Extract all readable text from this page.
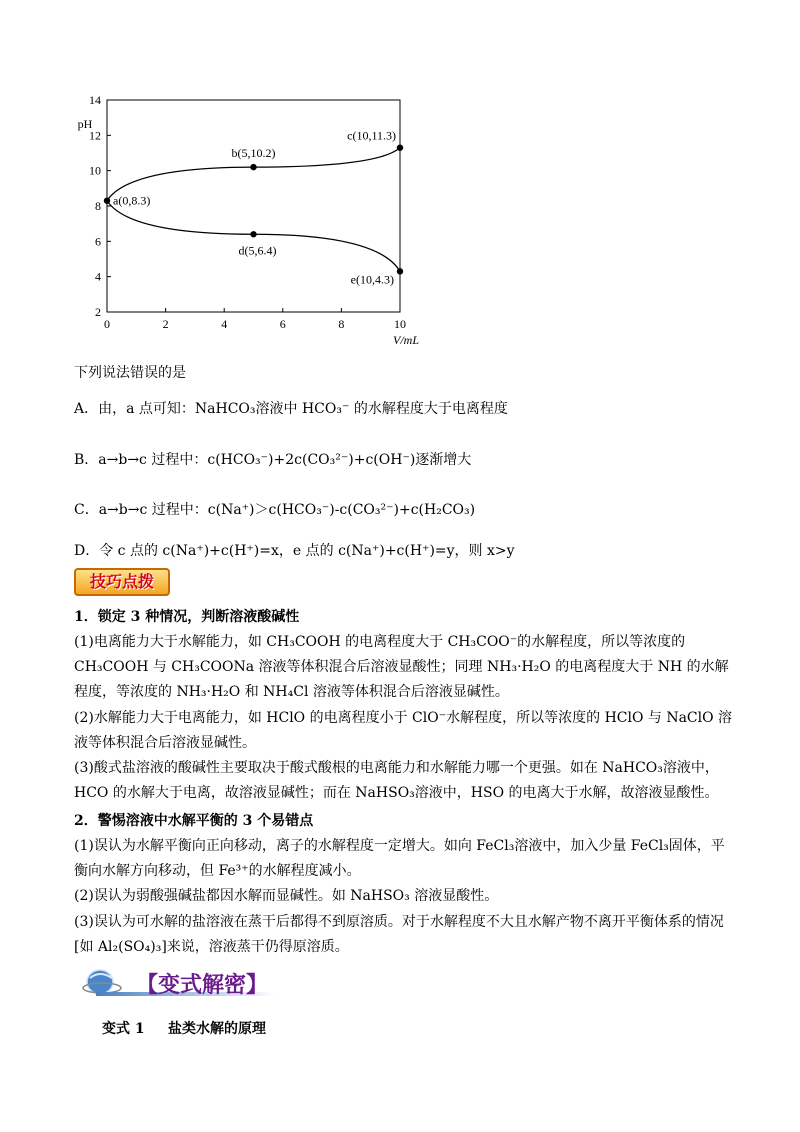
0	2	4	6	8	10
2
4
6
8
10
12
14
pH
V/mL
a(0,8.3)
b(5,10.2)
c(10,11.3)
d(5,6.4)
e(10,4.3)
下列说法错误的是
A．由，a 点可知：NaHCO₃溶液中 HCO₃⁻ 的水解程度大于电离程度
B．a→b→c 过程中：c(HCO₃⁻)+2c(CO₃²⁻)+c(OH⁻)逐渐增大
C．a→b→c 过程中：c(Na⁺)＞c(HCO₃⁻)-c(CO₃²⁻)+c(H₂CO₃)
D．令 c 点的 c(Na⁺)+c(H⁺)=x，e 点的 c(Na⁺)+c(H⁺)=y，则 x>y
技巧点拨
1．锁定 3 种情况，判断溶液酸碱性
(1)电离能力大于水解能力，如 CH₃COOH 的电离程度大于 CH₃COO⁻的水解程度，所以等浓度的 CH₃COOH 与 CH₃COONa 溶液等体积混合后溶液显酸性；同理 NH₃·H₂O 的电离程度大于 NH 的水解程度，等浓度的 NH₃·H₂O 和 NH₄Cl 溶液等体积混合后溶液显碱性。
(2)水解能力大于电离能力，如 HClO 的电离程度小于 ClO⁻水解程度，所以等浓度的 HClO 与 NaClO 溶液等体积混合后溶液显碱性。
(3)酸式盐溶液的酸碱性主要取决于酸式酸根的电离能力和水解能力哪一个更强。如在 NaHCO₃溶液中，HCO 的水解大于电离，故溶液显碱性；而在 NaHSO₃溶液中，HSO 的电离大于水解，故溶液显酸性。
2．警惕溶液中水解平衡的 3 个易错点
(1)误认为水解平衡向正向移动，离子的水解程度一定增大。如向 FeCl₃溶液中，加入少量 FeCl₃固体，平衡向水解方向移动，但 Fe³⁺的水解程度减小。
(2)误认为弱酸强碱盐都因水解而显碱性。如 NaHSO₃ 溶液显酸性。
(3)误认为可水解的盐溶液在蒸干后都得不到原溶质。对于水解程度不大且水解产物不离开平衡体系的情况[如 Al₂(SO₄)₃]来说，溶液蒸干仍得原溶质。
【变式解密】
变式 1 盐类水解的原理
